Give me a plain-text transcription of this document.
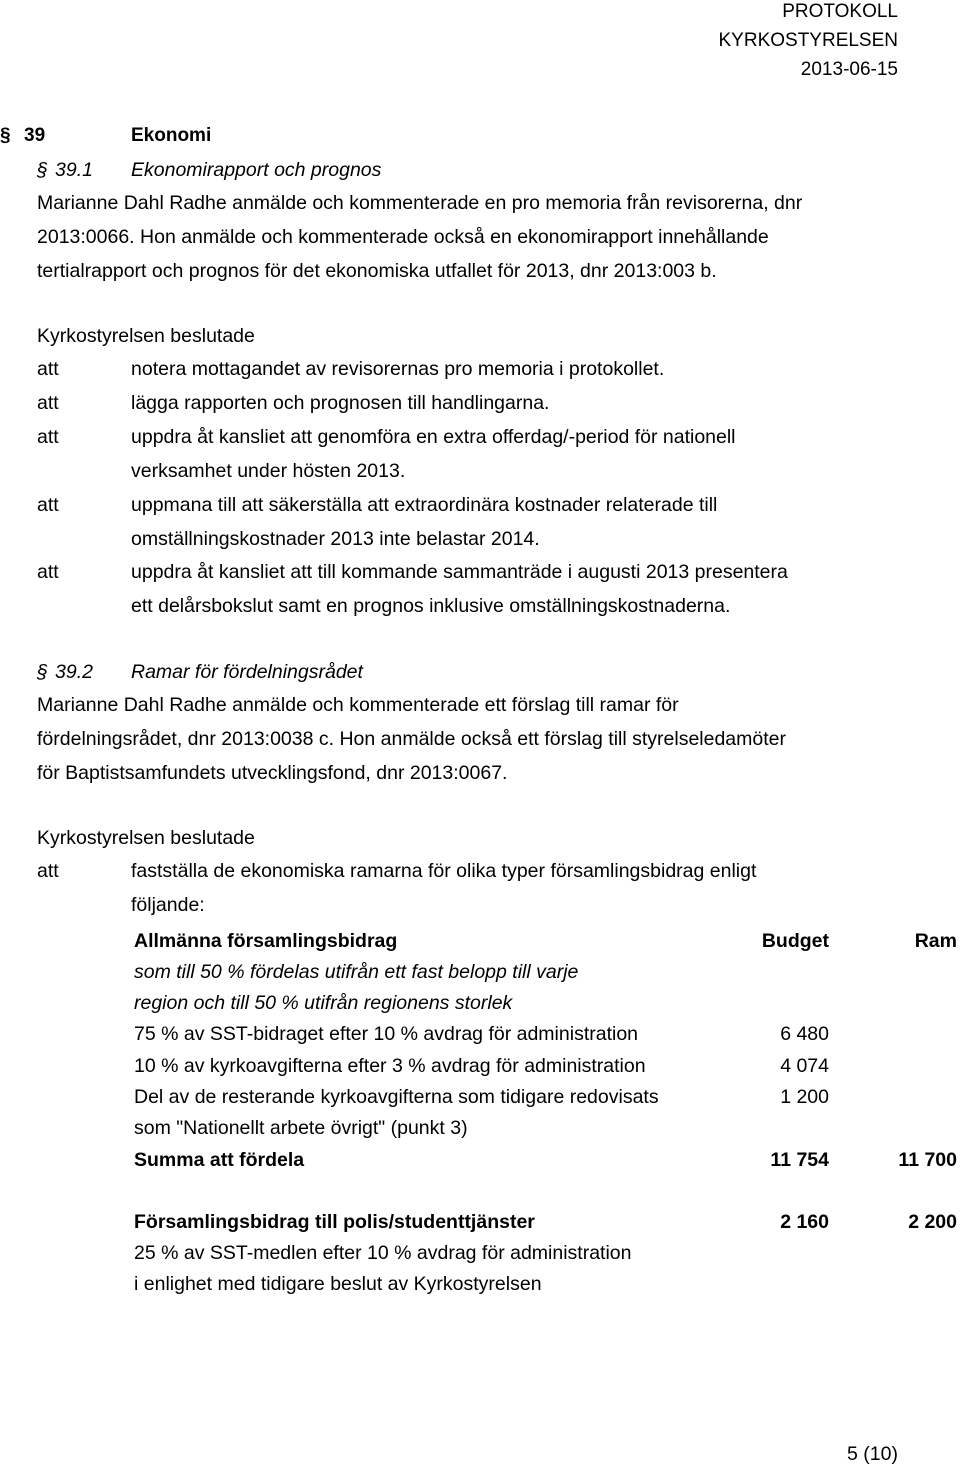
PROTOKOLL
KYRKOSTYRELSEN
2013-06-15
§ 39	Ekonomi
§ 39.1 Ekonomirapport och prognos
Marianne Dahl Radhe anmälde och kommenterade en pro memoria från revisorerna, dnr
2013:0066. Hon anmälde och kommenterade också en ekonomirapport innehållande
tertialrapport och prognos för det ekonomiska utfallet för 2013, dnr 2013:003 b.
Kyrkostyrelsen beslutade
att	notera mottagandet av revisorernas pro memoria i protokollet.
att	lägga rapporten och prognosen till handlingarna.
att	uppdra åt kansliet att genomföra en extra offerdag/-period för nationell
verksamhet under hösten 2013.
att	uppmana till att säkerställa att extraordinära kostnader relaterade till
omställningskostnader 2013 inte belastar 2014.
att	uppdra åt kansliet att till kommande sammanträde i augusti 2013 presentera
ett delårsbokslut samt en prognos inklusive omställningskostnaderna.
§ 39.2 Ramar för fördelningsrådet
Marianne Dahl Radhe anmälde och kommenterade ett förslag till ramar för
fördelningsrådet, dnr 2013:0038 c. Hon anmälde också ett förslag till styrelseledamöter
för Baptistsamfundets utvecklingsfond, dnr 2013:0067.
Kyrkostyrelsen beslutade
att	fastställa de ekonomiska ramarna för olika typer församlingsbidrag enligt
följande:
Allmänna församlingsbidrag	Budget	Ram
som till 50 % fördelas utifrån ett fast belopp till varje
region och till 50 % utifrån regionens storlek
75 % av SST-bidraget efter 10 % avdrag för administration	6 480
10 % av kyrkoavgifterna efter 3 % avdrag för administration	4 074
Del av de resterande kyrkoavgifterna som tidigare redovisats	1 200
som "Nationellt arbete övrigt" (punkt 3)
Summa att fördela	11 754	11 700
Församlingsbidrag till polis/studenttjänster	2 160	2 200
25 % av SST-medlen efter 10 % avdrag för administration
i enlighet med tidigare beslut av Kyrkostyrelsen
5 (10)
